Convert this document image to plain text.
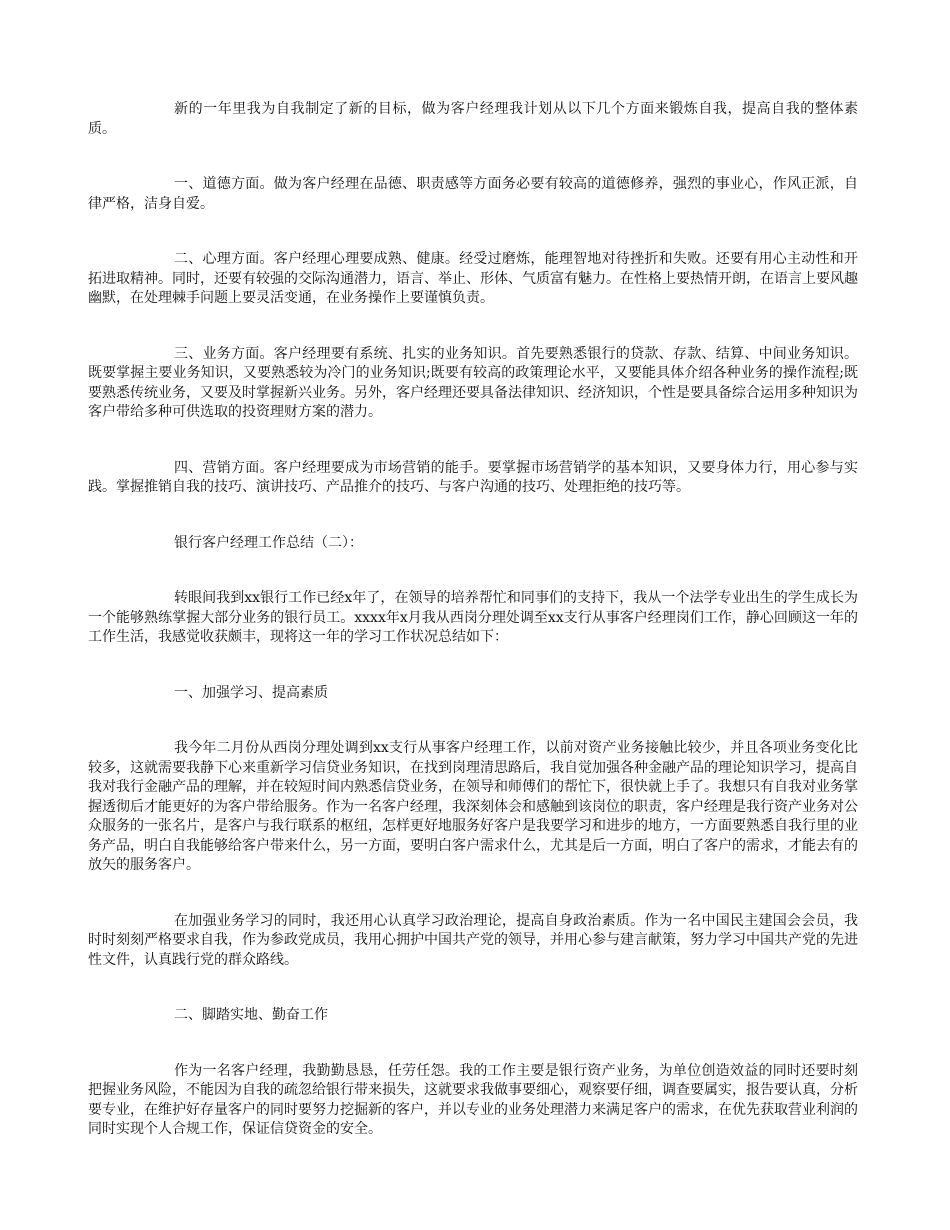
新的一年里我为自我制定了新的目标，做为客户经理我计划从以下几个方面来锻炼自我，提高自我的整体素质。

一、道德方面。做为客户经理在品德、职责感等方面务必要有较高的道德修养，强烈的事业心，作风正派，自律严格，洁身自爱。

二、心理方面。客户经理心理要成熟、健康。经受过磨炼，能理智地对待挫折和失败。还要有用心主动性和开拓进取精神。同时，还要有较强的交际沟通潜力，语言、举止、形体、气质富有魅力。在性格上要热情开朗，在语言上要风趣幽默，在处理棘手问题上要灵活变通，在业务操作上要谨慎负责。

三、业务方面。客户经理要有系统、扎实的业务知识。首先要熟悉银行的贷款、存款、结算、中间业务知识。既要掌握主要业务知识，又要熟悉较为冷门的业务知识;既要有较高的政策理论水平，又要能具体介绍各种业务的操作流程;既要熟悉传统业务，又要及时掌握新兴业务。另外，客户经理还要具备法律知识、经济知识，个性是要具备综合运用多种知识为客户带给多种可供选取的投资理财方案的潜力。

四、营销方面。客户经理要成为市场营销的能手。要掌握市场营销学的基本知识，又要身体力行，用心参与实践。掌握推销自我的技巧、演讲技巧、产品推介的技巧、与客户沟通的技巧、处理拒绝的技巧等。

银行客户经理工作总结（二）：

转眼间我到xx银行工作已经x年了，在领导的培养帮忙和同事们的支持下，我从一个法学专业出生的学生成长为一个能够熟练掌握大部分业务的银行员工。xxxx年x月我从西岗分理处调至xx支行从事客户经理岗们工作，静心回顾这一年的工作生活，我感觉收获颇丰，现将这一年的学习工作状况总结如下：

一、加强学习、提高素质

我今年二月份从西岗分理处调到xx支行从事客户经理工作，以前对资产业务接触比较少，并且各项业务变化比较多，这就需要我静下心来重新学习信贷业务知识，在找到岗理清思路后，我自觉加强各种金融产品的理论知识学习，提高自我对我行金融产品的理解，并在较短时间内熟悉信贷业务，在领导和师傅们的帮忙下，很快就上手了。我想只有自我对业务掌握透彻后才能更好的为客户带给服务。作为一名客户经理，我深刻体会和感触到该岗位的职责，客户经理是我行资产业务对公众服务的一张名片，是客户与我行联系的枢纽，怎样更好地服务好客户是我要学习和进步的地方，一方面要熟悉自我行里的业务产品，明白自我能够给客户带来什么，另一方面，要明白客户需求什么，尤其是后一方面，明白了客户的需求，才能去有的放矢的服务客户。

在加强业务学习的同时，我还用心认真学习政治理论，提高自身政治素质。作为一名中国民主建国会会员，我时时刻刻严格要求自我，作为参政党成员，我用心拥护中国共产党的领导，并用心参与建言献策，努力学习中国共产党的先进性文件，认真践行党的群众路线。

二、脚踏实地、勤奋工作

作为一名客户经理，我勤勤恳恳，任劳任怨。我的工作主要是银行资产业务，为单位创造效益的同时还要时刻把握业务风险，不能因为自我的疏忽给银行带来损失，这就要求我做事要细心，观察要仔细，调查要属实，报告要认真，分析要专业，在维护好存量客户的同时要努力挖掘新的客户，并以专业的业务处理潜力来满足客户的需求，在优先获取营业利润的同时实现个人合规工作，保证信贷资金的安全。
